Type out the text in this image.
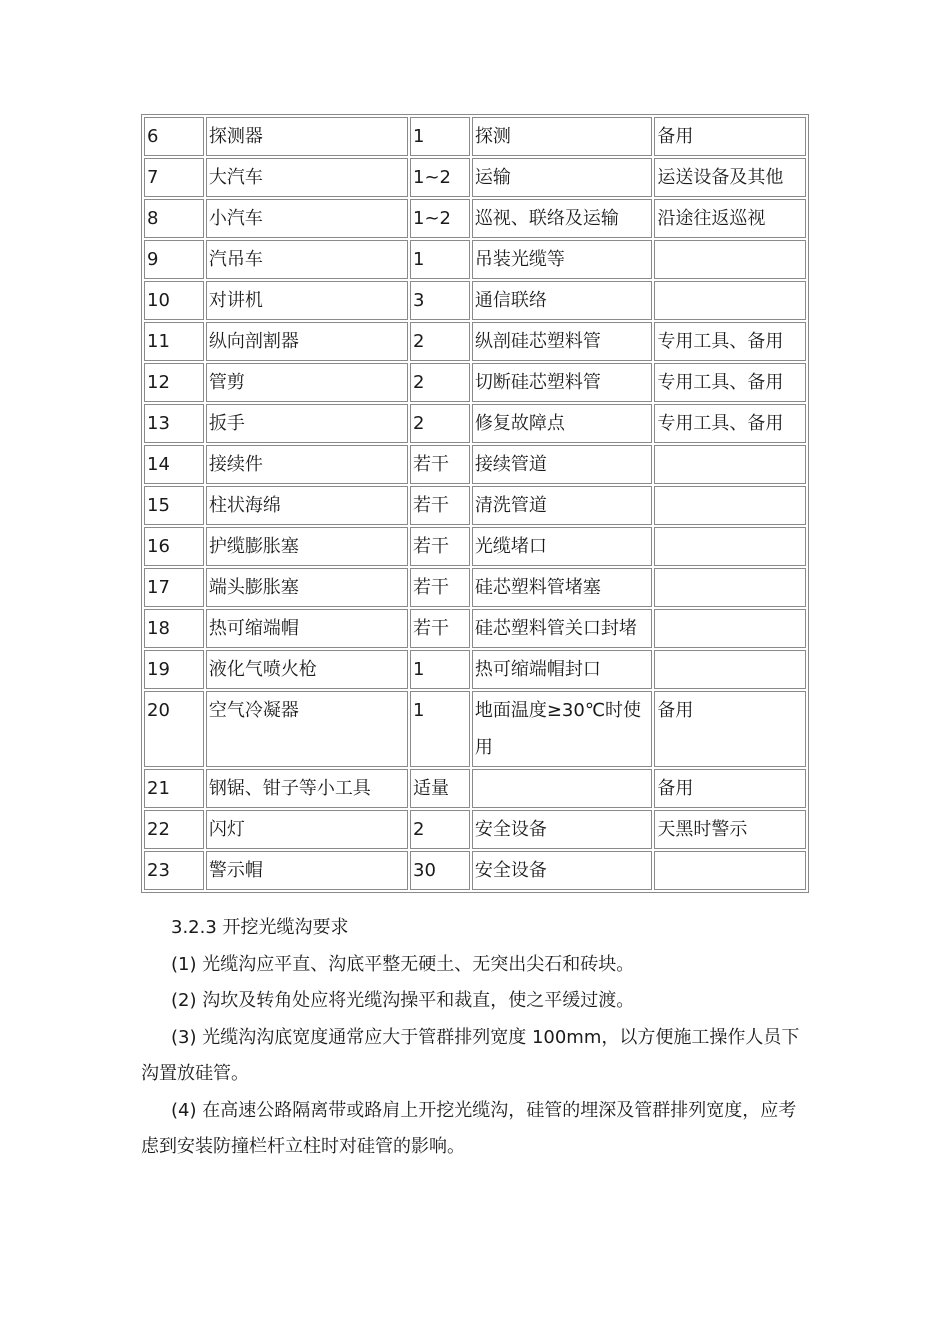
6	探测器	1	探测	备用
7	大汽车	1~2	运输	运送设备及其他
8	小汽车	1~2	巡视、联络及运输	沿途往返巡视
9	汽吊车	1	吊装光缆等	
10	对讲机	3	通信联络	
11	纵向剖割器	2	纵剖硅芯塑料管	专用工具、备用
12	管剪	2	切断硅芯塑料管	专用工具、备用
13	扳手	2	修复故障点	专用工具、备用
14	接续件	若干	接续管道	
15	柱状海绵	若干	清洗管道	
16	护缆膨胀塞	若干	光缆堵口	
17	端头膨胀塞	若干	硅芯塑料管堵塞	
18	热可缩端帽	若干	硅芯塑料管关口封堵	
19	液化气喷火枪	1	热可缩端帽封口	
20	空气冷凝器	1	地面温度≥30℃时使用	备用
21	钢锯、钳子等小工具	适量		备用
22	闪灯	2	安全设备	天黑时警示
23	警示帽	30	安全设备	

3.2.3 开挖光缆沟要求

(1) 光缆沟应平直、沟底平整无硬土、无突出尖石和砖块。

(2) 沟坎及转角处应将光缆沟操平和裁直，使之平缓过渡。

(3) 光缆沟沟底宽度通常应大于管群排列宽度 100mm，以方便施工操作人员下沟置放硅管。

(4) 在高速公路隔离带或路肩上开挖光缆沟，硅管的埋深及管群排列宽度，应考虑到安装防撞栏杆立柱时对硅管的影响。
